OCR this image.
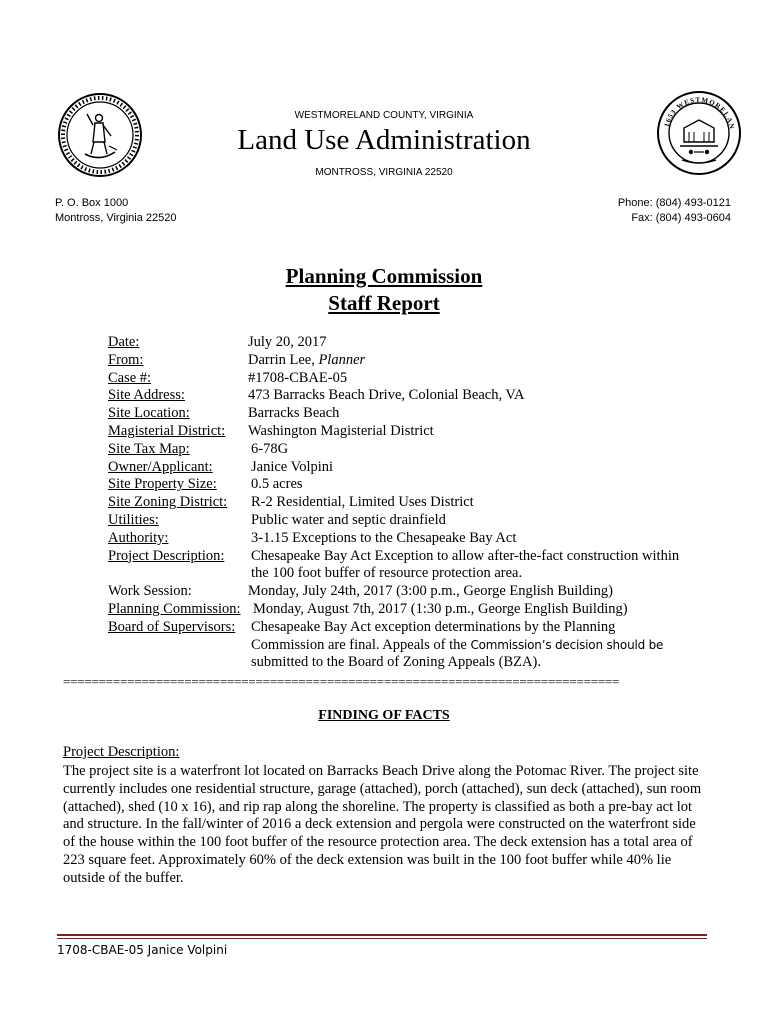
1653 WESTMORELAN
WESTMORELAND COUNTY, VIRGINIA
Land Use Administration
MONTROSS, VIRGINIA 22520
P. O. Box 1000
Montross, Virginia 22520
Phone: (804) 493-0121
Fax: (804) 493-0604
Planning Commission
Staff Report
Date:	July 20, 2017
From:	Darrin Lee, Planner
Case #:	#1708-CBAE-05
Site Address:	473 Barracks Beach Drive, Colonial Beach, VA
Site Location:	Barracks Beach
Magisterial District:	Washington Magisterial District
Site Tax Map:	6-78G
Owner/Applicant:	Janice Volpini
Site Property Size:	0.5 acres
Site Zoning District:	R-2 Residential, Limited Uses District
Utilities:	Public water and septic drainfield
Authority:	3-1.15 Exceptions to the Chesapeake Bay Act
Project Description:	Chesapeake Bay Act Exception to allow after-the-fact construction within
the 100 foot buffer of resource protection area.
Work Session:	Monday, July 24th, 2017 (3:00 p.m., George English Building)
Planning Commission: Monday, August 7th, 2017 (1:30 p.m., George English Building)
Board of Supervisors:	Chesapeake Bay Act exception determinations by the Planning
Commission are final. Appeals of the Commission’s decision should be
submitted to the Board of Zoning Appeals (BZA).
==============================================================================
FINDING OF FACTS
Project Description:
The project site is a waterfront lot located on Barracks Beach Drive along the Potomac River. The project site currently includes one residential structure, garage (attached), porch (attached), sun deck (attached), sun room (attached), shed (10 x 16), and rip rap along the shoreline. The property is classified as both a pre-bay act lot and structure. In the fall/winter of 2016 a deck extension and pergola were constructed on the waterfront side of the house within the 100 foot buffer of the resource protection area. The deck extension has a total area of 223 square feet. Approximately 60% of the deck extension was built in the 100 foot buffer while 40% lie outside of the buffer.
1708-CBAE-05 Janice Volpini
